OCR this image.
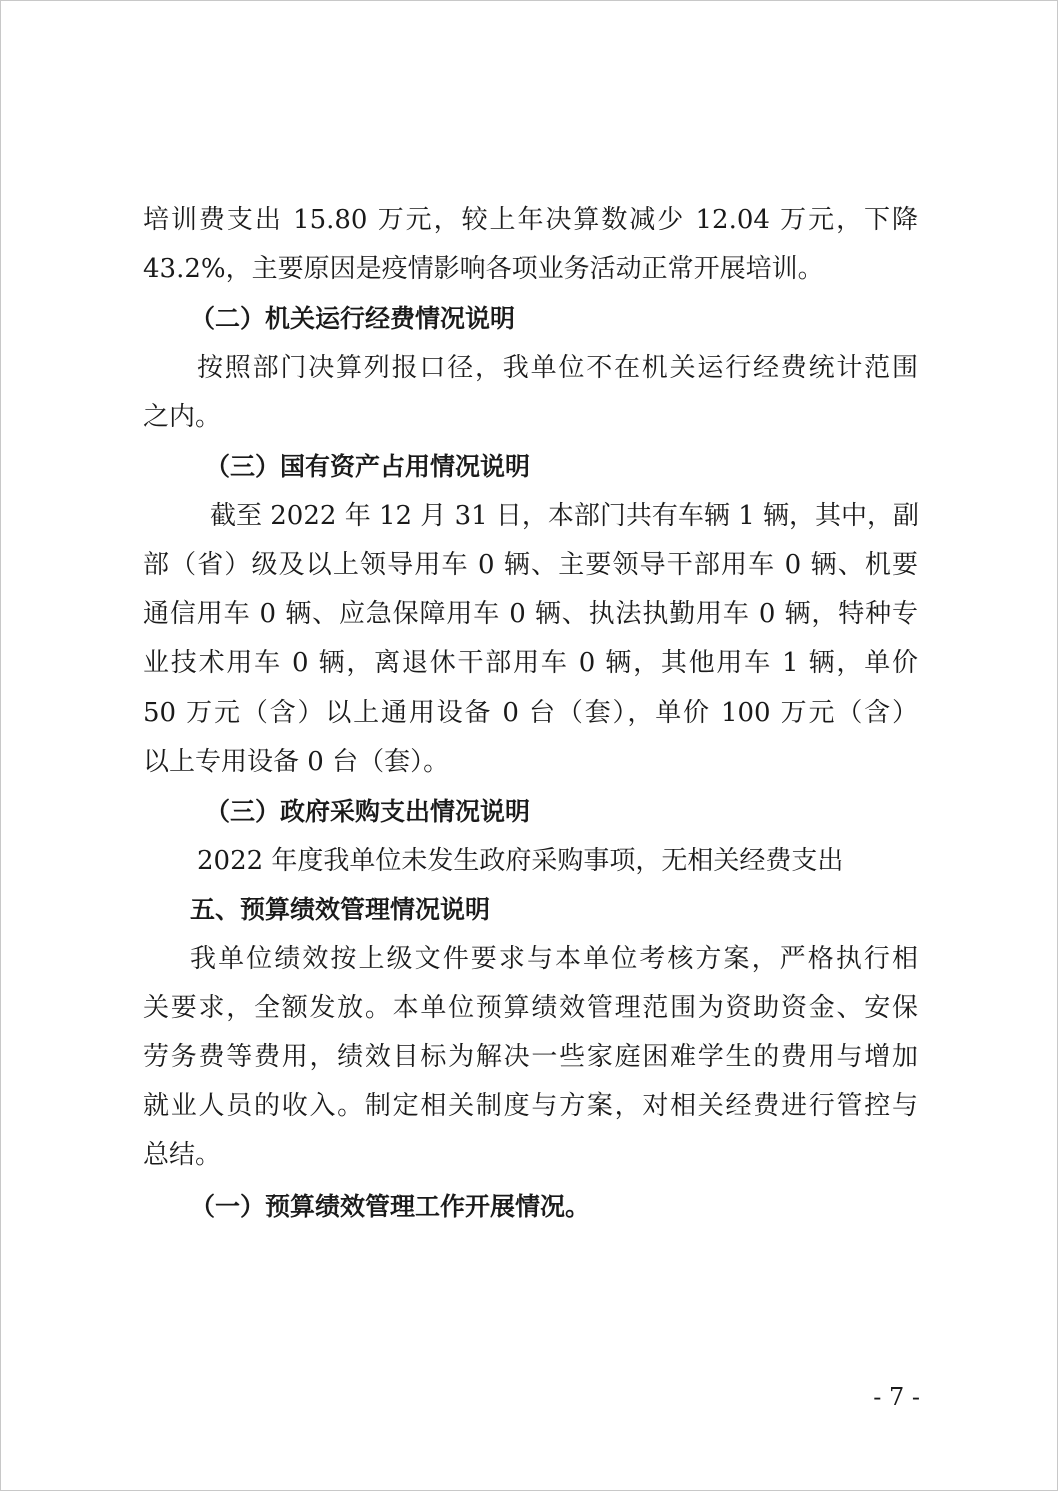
培训费支出 15.80 万元，较上年决算数减少 12.04 万元，下降
43.2%，主要原因是疫情影响各项业务活动正常开展培训。
（二）机关运行经费情况说明
按照部门决算列报口径，我单位不在机关运行经费统计范围
之内。
（三）国有资产占用情况说明
截至 2022 年 12 月 31 日，本部门共有车辆 1 辆，其中，副
部（省）级及以上领导用车 0 辆、主要领导干部用车 0 辆、机要
通信用车 0 辆、应急保障用车 0 辆、执法执勤用车 0 辆，特种专
业技术用车 0 辆，离退休干部用车 0 辆，其他用车 1 辆，单价
50 万元（含）以上通用设备 0 台（套），单价 100 万元（含）
以上专用设备 0 台（套）。
（三）政府采购支出情况说明
2022 年度我单位未发生政府采购事项，无相关经费支出
五、预算绩效管理情况说明
我单位绩效按上级文件要求与本单位考核方案，严格执行相
关要求，全额发放。本单位预算绩效管理范围为资助资金、安保
劳务费等费用，绩效目标为解决一些家庭困难学生的费用与增加
就业人员的收入。制定相关制度与方案，对相关经费进行管控与
总结。
（一）预算绩效管理工作开展情况。
- 7 -
